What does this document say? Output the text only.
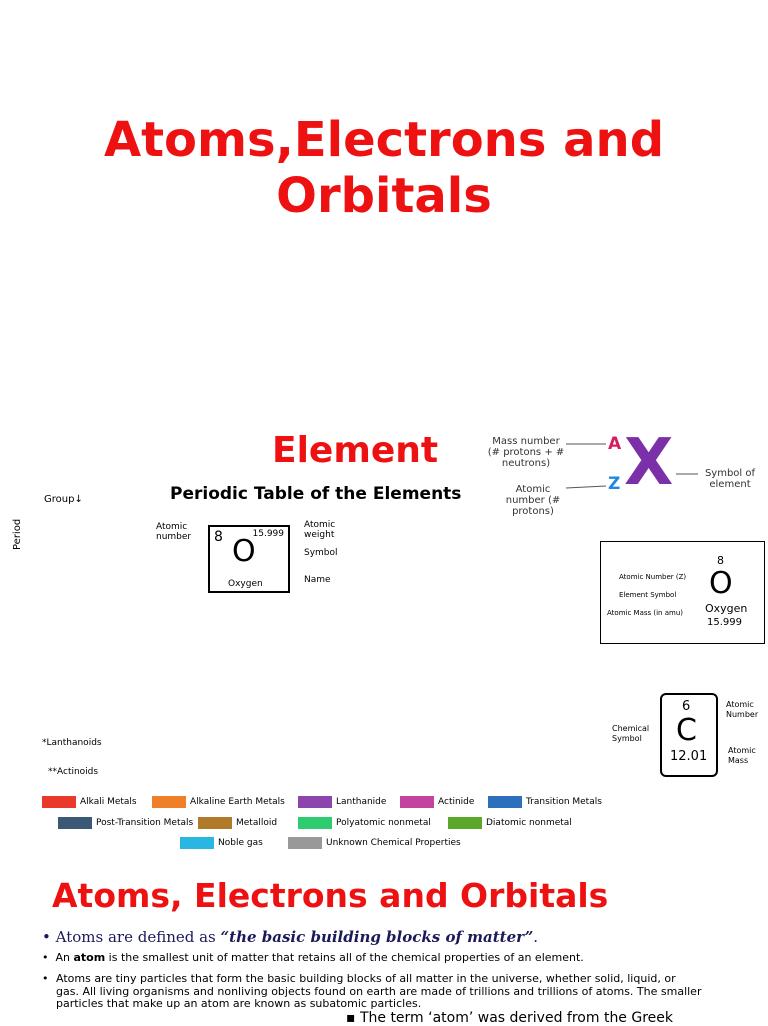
Atoms,Electrons and Orbitals
Element	Mass number (# protons + # neutrons)
Atomic number (# protons)
Symbol of element
A
Z X
Periodic Table of the Elements
Group↓
Period	8	15.999
O
Oxygen
Atomic number
Atomic weight
Symbol
Name
*Lanthanoids
**Actinoids
Alkali Metals	Alkaline Earth Metals	Lanthanide	Actinide	Transition Metals
Post-Transition Metals	Metalloid	Polyatomic nonmetal	Diatomic nonmetal
Noble gas	Unknown Chemical Properties
Atomic Number (Z)
Element Symbol
Atomic Mass (in amu)
8
O
Oxygen
15.999
6
C
12.01
Atomic Number
Chemical Symbol
Atomic Mass
Atoms, Electrons and Orbitals
• Atoms are defined as “the basic building blocks of matter”.
•  An atom is the smallest unit of matter that retains all of the chemical properties of an element.
• Atoms are tiny particles that form the basic building blocks of all matter in the universe, whether solid, liquid, or gas. All living organisms and nonliving objects found on earth are made of trillions and trillions of atoms. The smaller particles that make up an atom are known as subatomic particles.
▪ The term ‘atom’ was derived from the Greek
